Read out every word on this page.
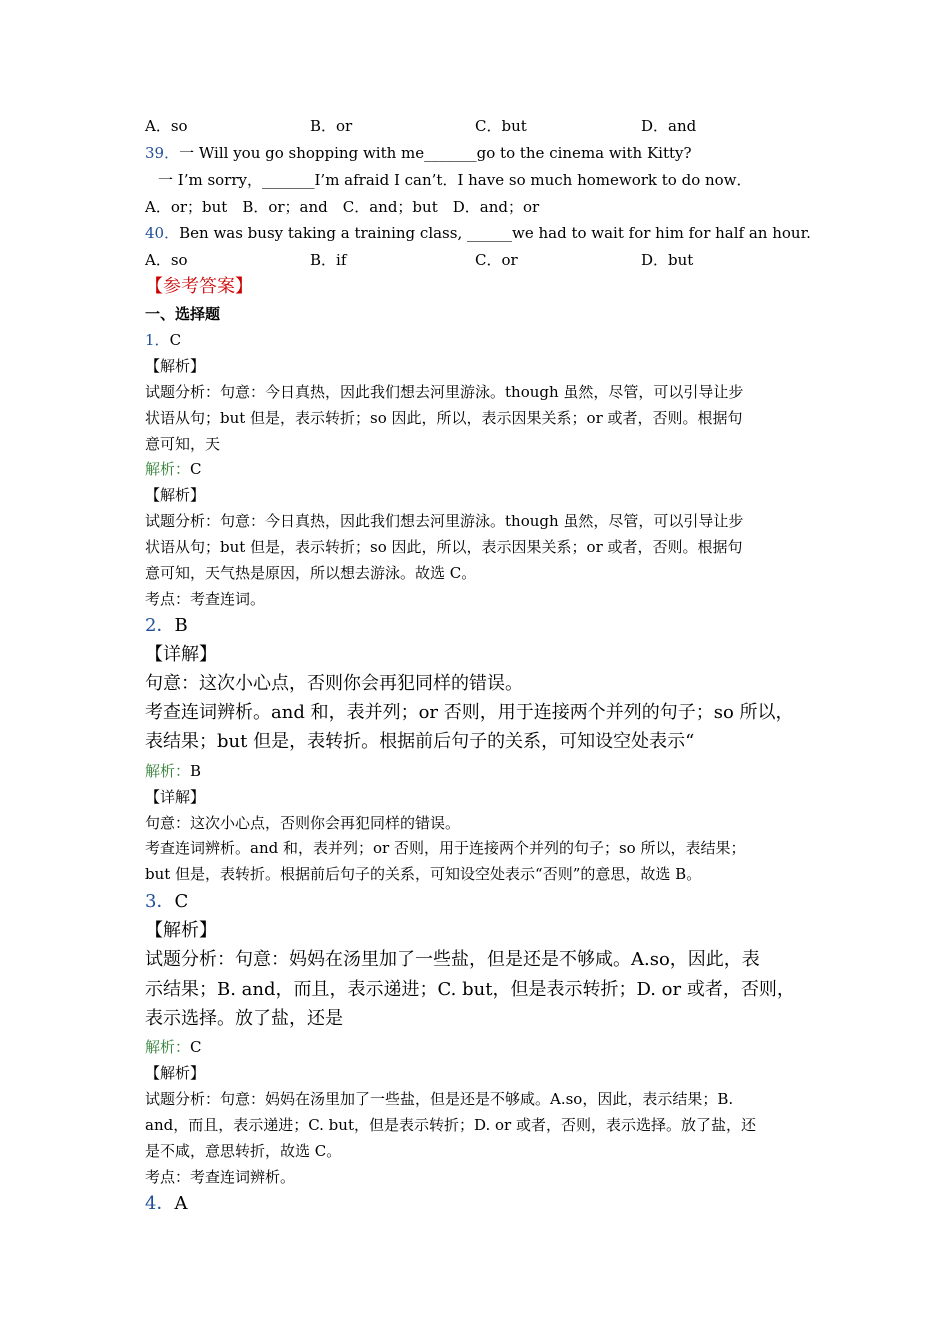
A．so	B．or	C．but	D．and
39．一 Will you go shopping with me_______go to the cinema with Kitty?
一 I’m sorry，_______I’m afraid I can’t．I have so much homework to do now．
A．or；but　B．or；and　C．and；but　D．and；or
40．Ben was busy taking a training class, ______we had to wait for him for half an hour.
A．so	B．if	C．or	D．but
【参考答案】
一、选择题
1．C
【解析】
试题分析：句意：今日真热，因此我们想去河里游泳。though 虽然，尽管，可以引导让步
状语从句；but 但是，表示转折；so 因此，所以，表示因果关系；or 或者，否则。根据句
意可知，天
解析：C
【解析】
试题分析：句意：今日真热，因此我们想去河里游泳。though 虽然，尽管，可以引导让步
状语从句；but 但是，表示转折；so 因此，所以，表示因果关系；or 或者，否则。根据句
意可知，天气热是原因，所以想去游泳。故选 C。
考点：考查连词。
2．B
【详解】
句意：这次小心点，否则你会再犯同样的错误。
考查连词辨析。and 和，表并列；or 否则，用于连接两个并列的句子；so 所以，
表结果；but 但是，表转折。根据前后句子的关系，可知设空处表示“
解析：B
【详解】
句意：这次小心点，否则你会再犯同样的错误。
考查连词辨析。and 和，表并列；or 否则，用于连接两个并列的句子；so 所以，表结果；
but 但是，表转折。根据前后句子的关系，可知设空处表示“否则”的意思，故选 B。
3．C
【解析】
试题分析：句意：妈妈在汤里加了一些盐，但是还是不够咸。A.so，因此，表
示结果；B. and，而且，表示递进；C. but，但是表示转折；D. or 或者，否则，
表示选择。放了盐，还是
解析：C
【解析】
试题分析：句意：妈妈在汤里加了一些盐，但是还是不够咸。A.so，因此，表示结果；B.
and，而且，表示递进；C. but，但是表示转折；D. or 或者，否则，表示选择。放了盐，还
是不咸，意思转折，故选 C。
考点：考查连词辨析。
4．A
